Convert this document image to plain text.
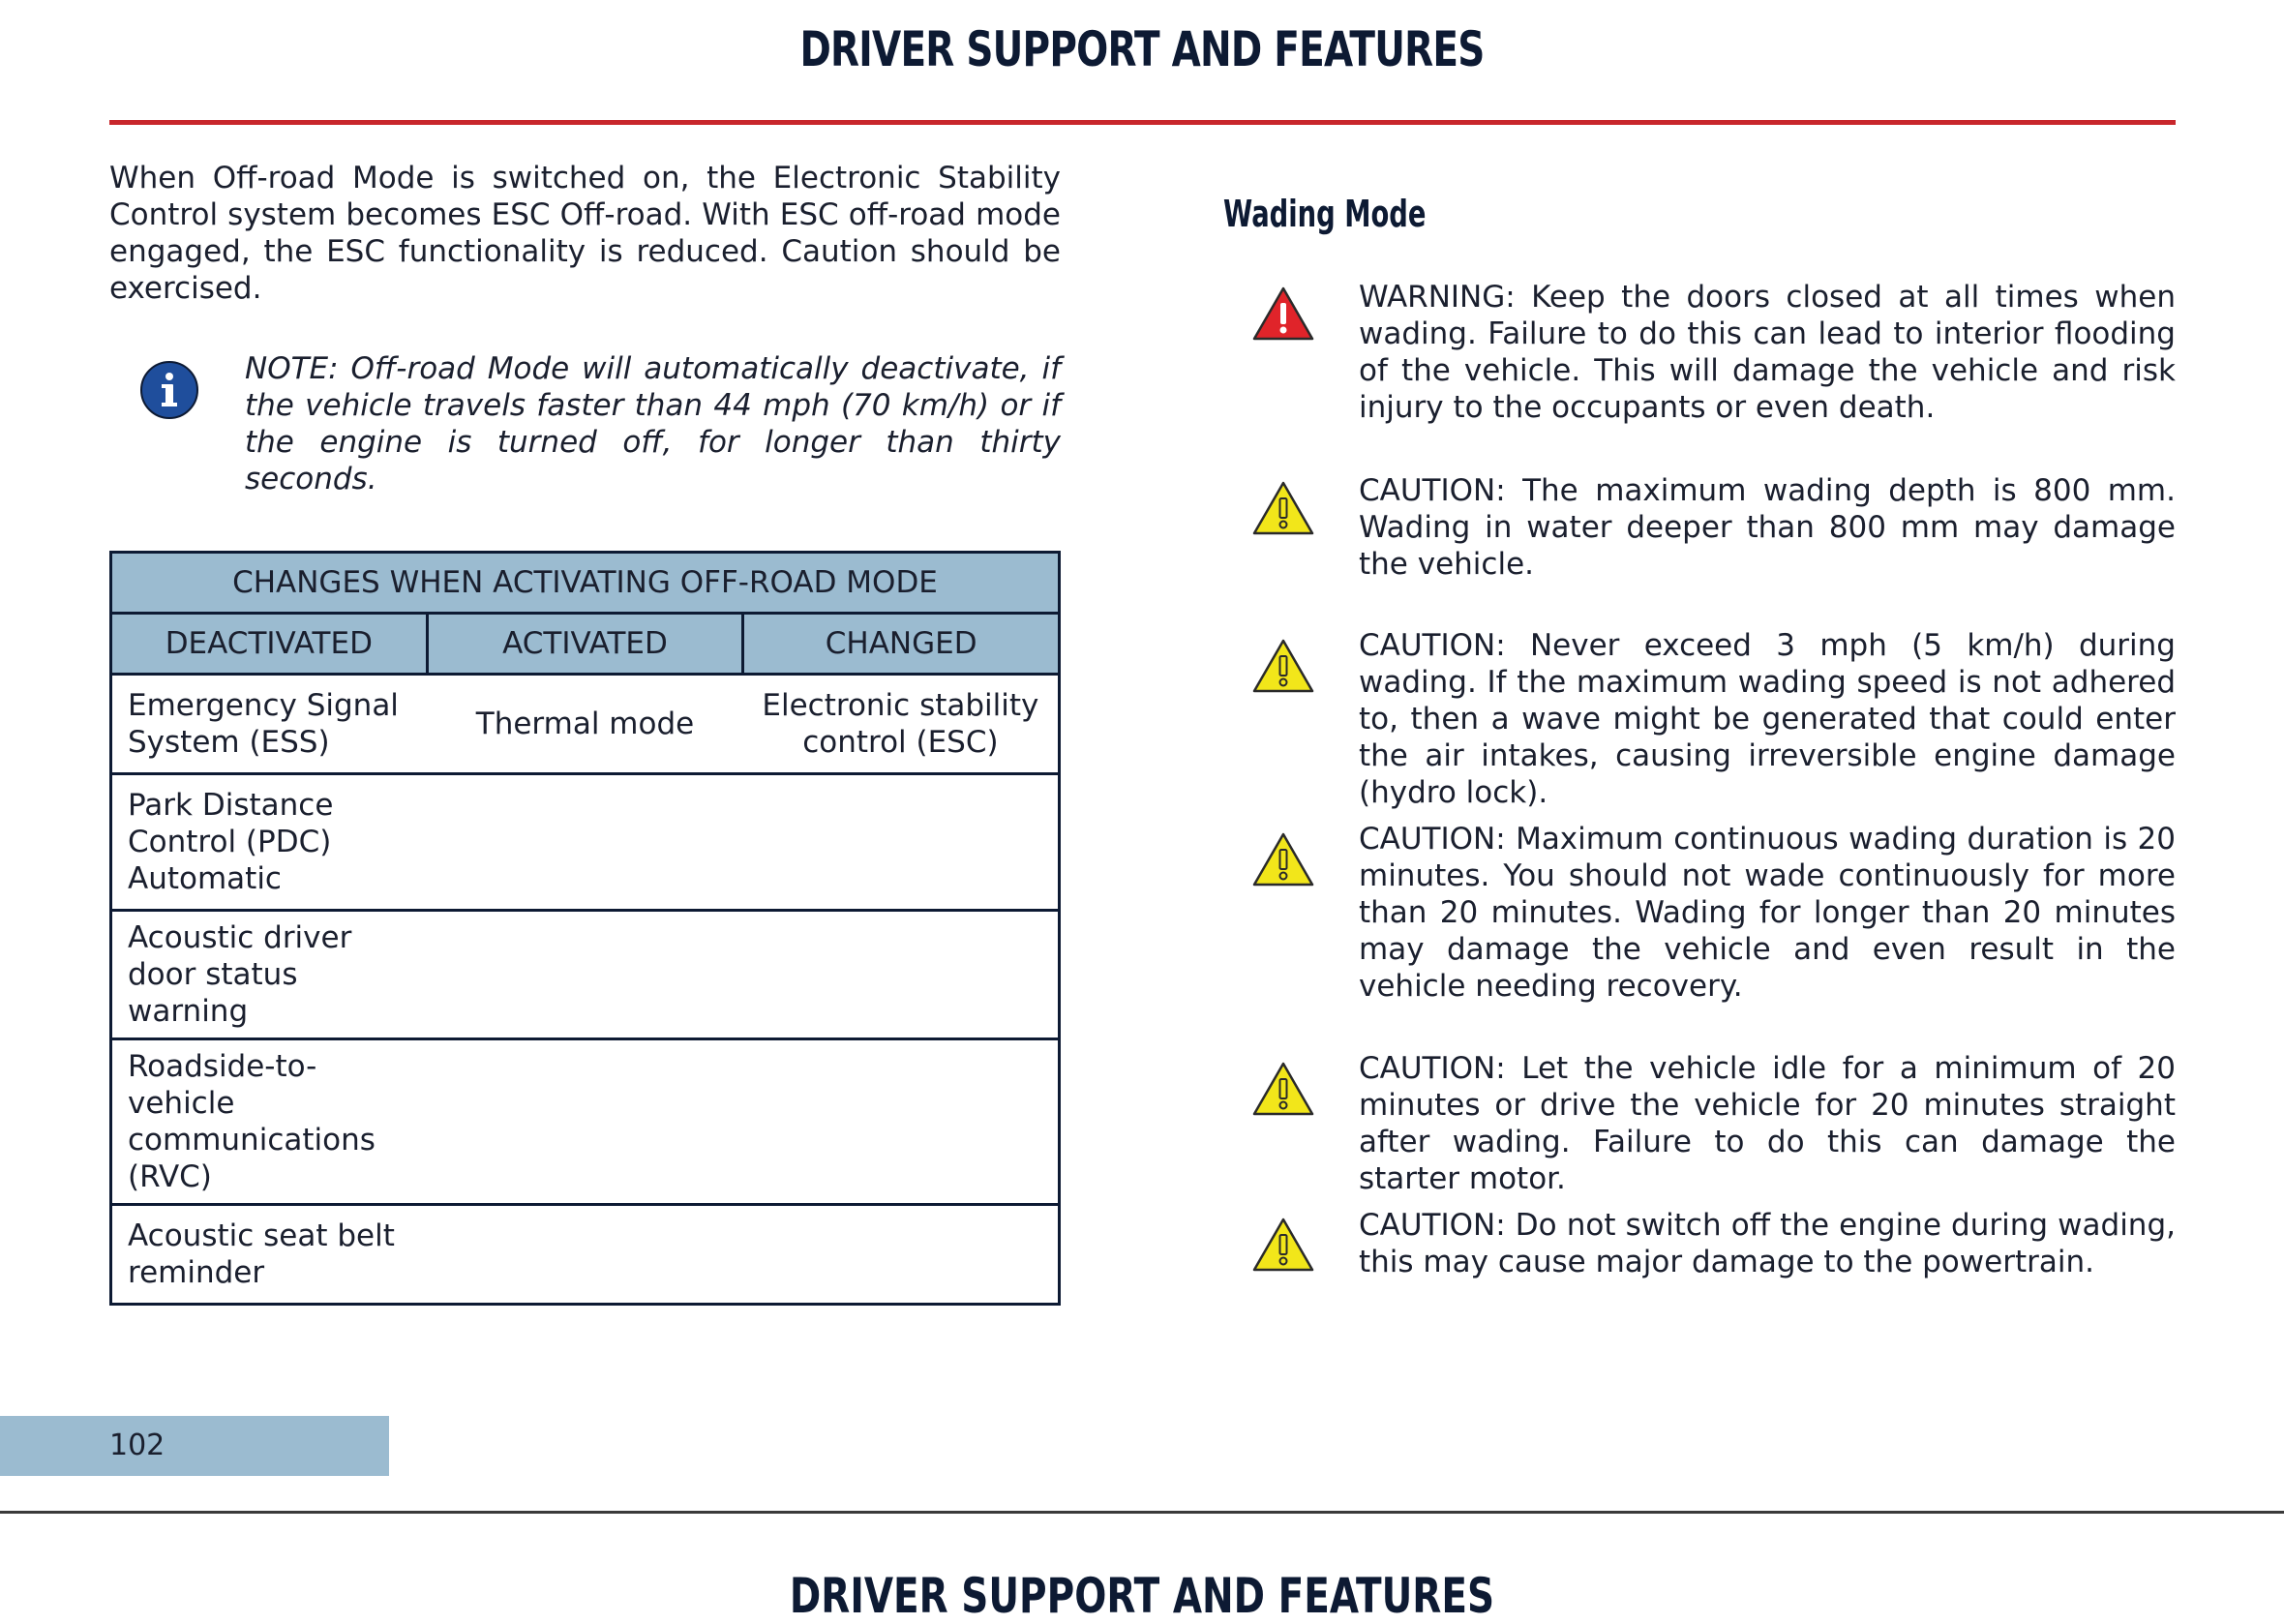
DRIVER SUPPORT AND FEATURES
When Off-road Mode is switched on, the Electronic Stability Control system becomes ESC Off-road. With ESC off-road mode engaged, the ESC functionality is reduced. Caution should be exercised.
NOTE: Off-road Mode will automatically deactivate, if the vehicle travels faster than 44 mph (70 km/h) or if the engine is turned off, for longer than thirty seconds.
CHANGES WHEN ACTIVATING OFF-ROAD MODE		
DEACTIVATED	ACTIVATED	CHANGED
Emergency Signal System (ESS)	Thermal mode	Electronic stability control (ESC)
Park Distance Control (PDC) Automatic		
Acoustic driver door status warning		
Roadside-to-vehicle communications (RVC)		
Acoustic seat belt reminder		
Wading Mode
WARNING: Keep the doors closed at all times when wading. Failure to do this can lead to interior flooding of the vehicle. This will damage the vehicle and risk injury to the occupants or even death.
CAUTION: The maximum wading depth is 800 mm. Wading in water deeper than 800 mm may damage the vehicle.
CAUTION: Never exceed 3 mph (5 km/h) during wading. If the maximum wading speed is not adhered to, then a wave might be generated that could enter the air intakes, causing irreversible engine damage (hydro lock).
CAUTION: Maximum continuous wading duration is 20 minutes. You should not wade continuously for more than 20 minutes. Wading for longer than 20 minutes may damage the vehicle and even result in the vehicle needing recovery.
CAUTION: Let the vehicle idle for a minimum of 20 minutes or drive the vehicle for 20 minutes straight after wading. Failure to do this can damage the starter motor.
CAUTION: Do not switch off the engine during wading, this may cause major damage to the powertrain.
102
DRIVER SUPPORT AND FEATURES
